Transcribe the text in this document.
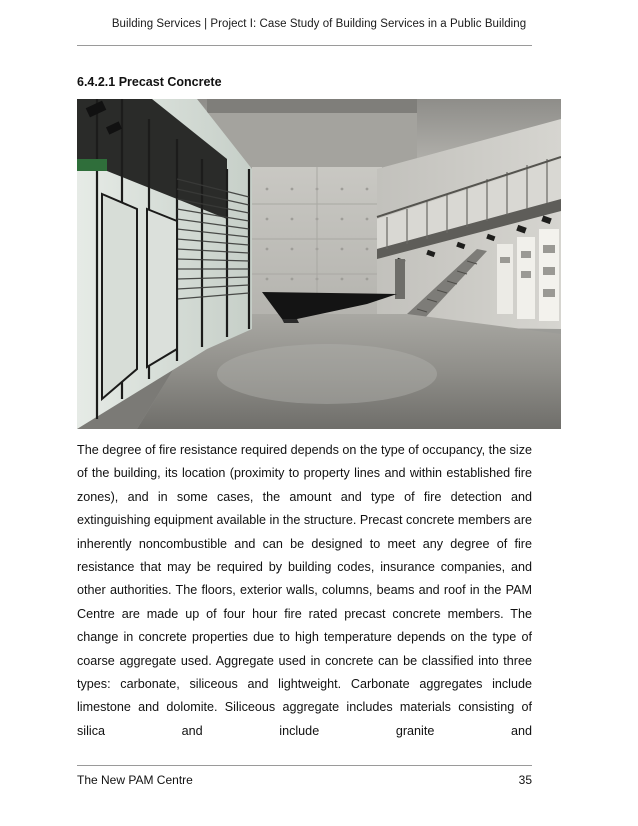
Building Services | Project I: Case Study of Building Services in a Public Building
6.4.2.1 Precast Concrete
The degree of fire resistance required depends on the type of occupancy, the size of the building, its location (proximity to property lines and within established fire zones), and in some cases, the amount and type of fire detection and extinguishing equipment available in the structure. Precast concrete members are inherently noncombustible and can be designed to meet any degree of fire resistance that may be required by building codes, insurance companies, and other authorities. The floors, exterior walls, columns, beams and roof in the PAM Centre are made up of four hour fire rated precast concrete members. The change in concrete properties due to high temperature depends on the type of coarse aggregate used. Aggregate used in concrete can be classified into three types: carbonate, siliceous and lightweight. Carbonate aggregates include limestone and dolomite. Siliceous aggregate includes materials consisting of silica and include granite and
The New PAM Centre	35
